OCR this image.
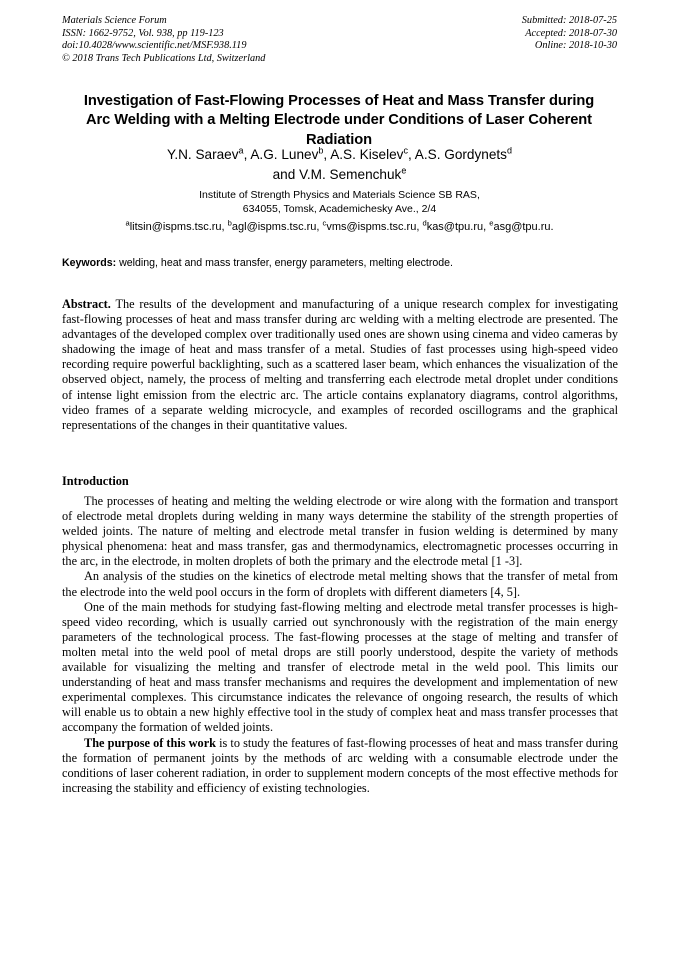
Materials Science Forum
ISSN: 1662-9752, Vol. 938, pp 119-123
doi:10.4028/www.scientific.net/MSF.938.119
© 2018 Trans Tech Publications Ltd, Switzerland
Submitted: 2018-07-25
Accepted: 2018-07-30
Online: 2018-10-30
Investigation of Fast-Flowing Processes of Heat and Mass Transfer during Arc Welding with a Melting Electrode under Conditions of Laser Coherent Radiation
Y.N. Saraev$^a$, A.G. Lunev$^b$, A.S. Kiselev$^c$, A.S. Gordynets$^d$
and V.M. Semenchuk$^e$
Institute of Strength Physics and Materials Science SB RAS,
634055, Tomsk, Academichesky Ave., 2/4
$^a$litsin@ispms.tsc.ru, $^b$agl@ispms.tsc.ru, $^c$vms@ispms.tsc.ru, $^d$kas@tpu.ru, $^e$asg@tpu.ru.
Keywords: welding, heat and mass transfer, energy parameters, melting electrode.
Abstract. The results of the development and manufacturing of a unique research complex for investigating fast-flowing processes of heat and mass transfer during arc welding with a melting electrode are presented. The advantages of the developed complex over traditionally used ones are shown using cinema and video cameras by shadowing the image of heat and mass transfer of a metal. Studies of fast processes using high-speed video recording require powerful backlighting, such as a scattered laser beam, which enhances the visualization of the observed object, namely, the process of melting and transferring each electrode metal droplet under conditions of intense light emission from the electric arc. The article contains explanatory diagrams, control algorithms, video frames of a separate welding microcycle, and examples of recorded oscillograms and the graphical representations of the changes in their quantitative values.
Introduction

The processes of heating and melting the welding electrode or wire along with the formation and transport of electrode metal droplets during welding in many ways determine the stability of the strength properties of welded joints. The nature of melting and electrode metal transfer in fusion welding is determined by many physical phenomena: heat and mass transfer, gas and thermodynamics, electromagnetic processes occurring in the arc, in the electrode, in molten droplets of both the primary and the electrode metal [1 -3].

An analysis of the studies on the kinetics of electrode metal melting shows that the transfer of metal from the electrode into the weld pool occurs in the form of droplets with different diameters [4, 5].

One of the main methods for studying fast-flowing melting and electrode metal transfer processes is high-speed video recording, which is usually carried out synchronously with the registration of the main energy parameters of the technological process. The fast-flowing processes at the stage of melting and transfer of molten metal into the weld pool of metal drops are still poorly understood, despite the variety of methods available for visualizing the melting and transfer of electrode metal in the weld pool. This limits our understanding of heat and mass transfer mechanisms and requires the development and implementation of new experimental complexes. This circumstance indicates the relevance of ongoing research, the results of which will enable us to obtain a new highly effective tool in the study of complex heat and mass transfer processes that accompany the formation of welded joints.

The purpose of this work is to study the features of fast-flowing processes of heat and mass transfer during the formation of permanent joints by the methods of arc welding with a consumable electrode under the conditions of laser coherent radiation, in order to supplement modern concepts of the most effective methods for increasing the stability and efficiency of existing technologies.
